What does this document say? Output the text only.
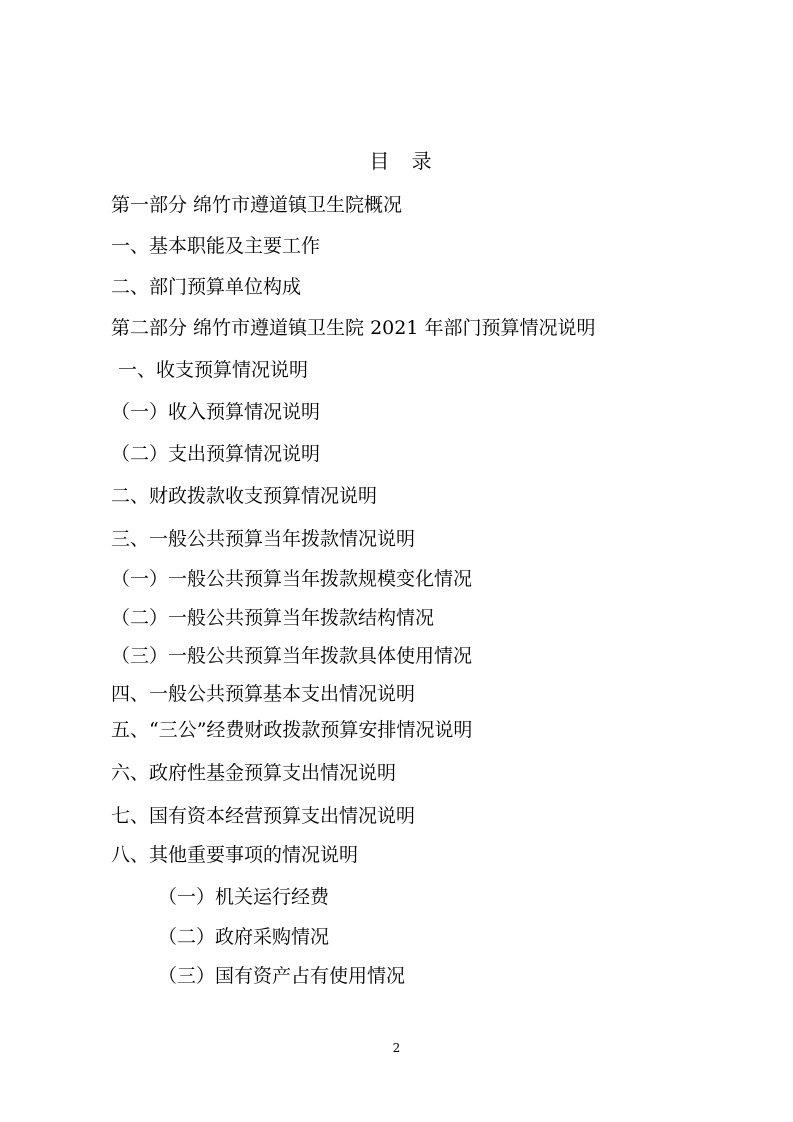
目 录
第一部分 绵竹市遵道镇卫生院概况
一、基本职能及主要工作
二、部门预算单位构成
第二部分 绵竹市遵道镇卫生院 2021 年部门预算情况说明
一、收支预算情况说明
（一）收入预算情况说明
（二）支出预算情况说明
二、财政拨款收支预算情况说明
三、一般公共预算当年拨款情况说明
（一）一般公共预算当年拨款规模变化情况
（二）一般公共预算当年拨款结构情况
（三）一般公共预算当年拨款具体使用情况
四、一般公共预算基本支出情况说明
五、“三公”经费财政拨款预算安排情况说明
六、政府性基金预算支出情况说明
七、国有资本经营预算支出情况说明
八、其他重要事项的情况说明
（一）机关运行经费
（二）政府采购情况
（三）国有资产占有使用情况
2
